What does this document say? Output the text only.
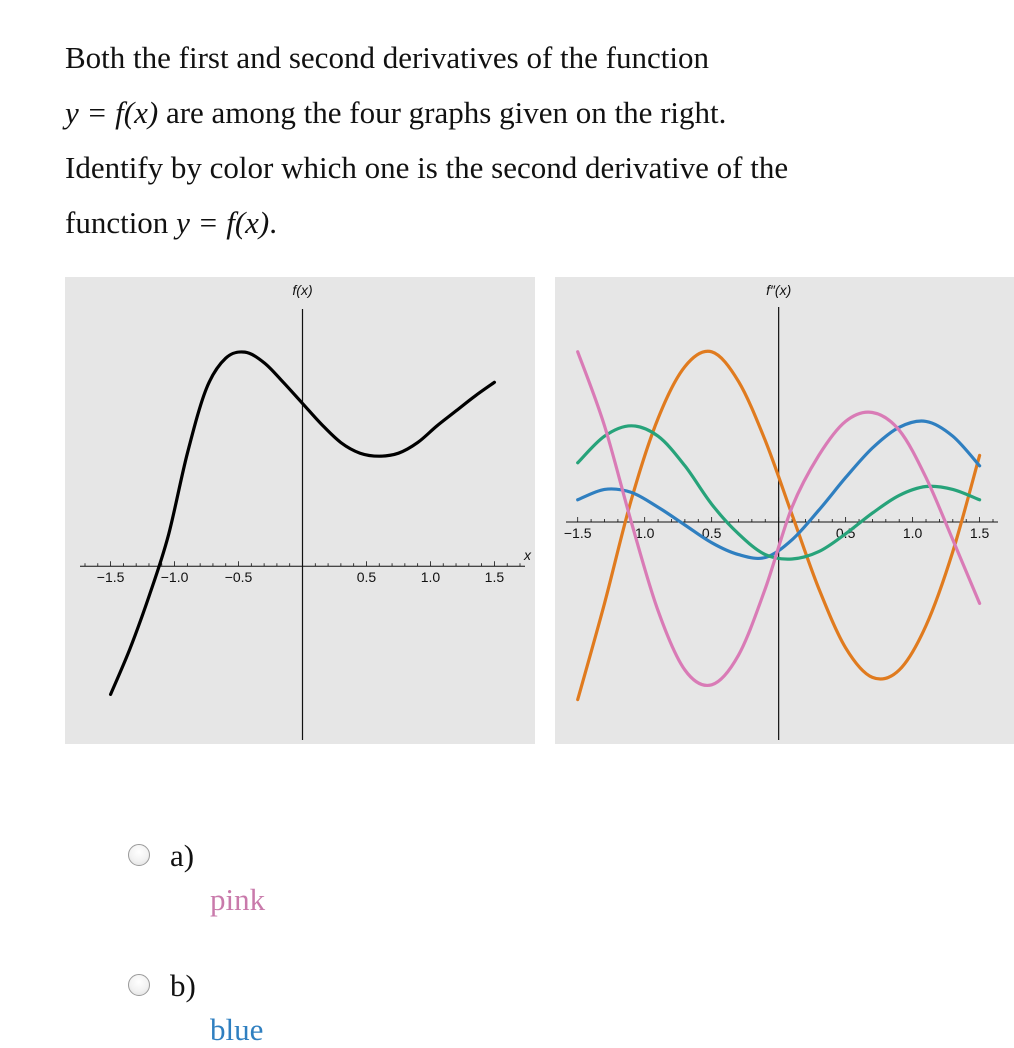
Both the first and second derivatives of the function
y = f(x) are among the four graphs given on the right.
Identify by color which one is the second derivative of the
function y = f(x).
−1.5	−1.0	−0.5	0.5	1.0	1.5
f(x)
x
−1.5	1.0	0.5	0.5	1.0	1.5
f″(x)
a)
pink
b)
blue
